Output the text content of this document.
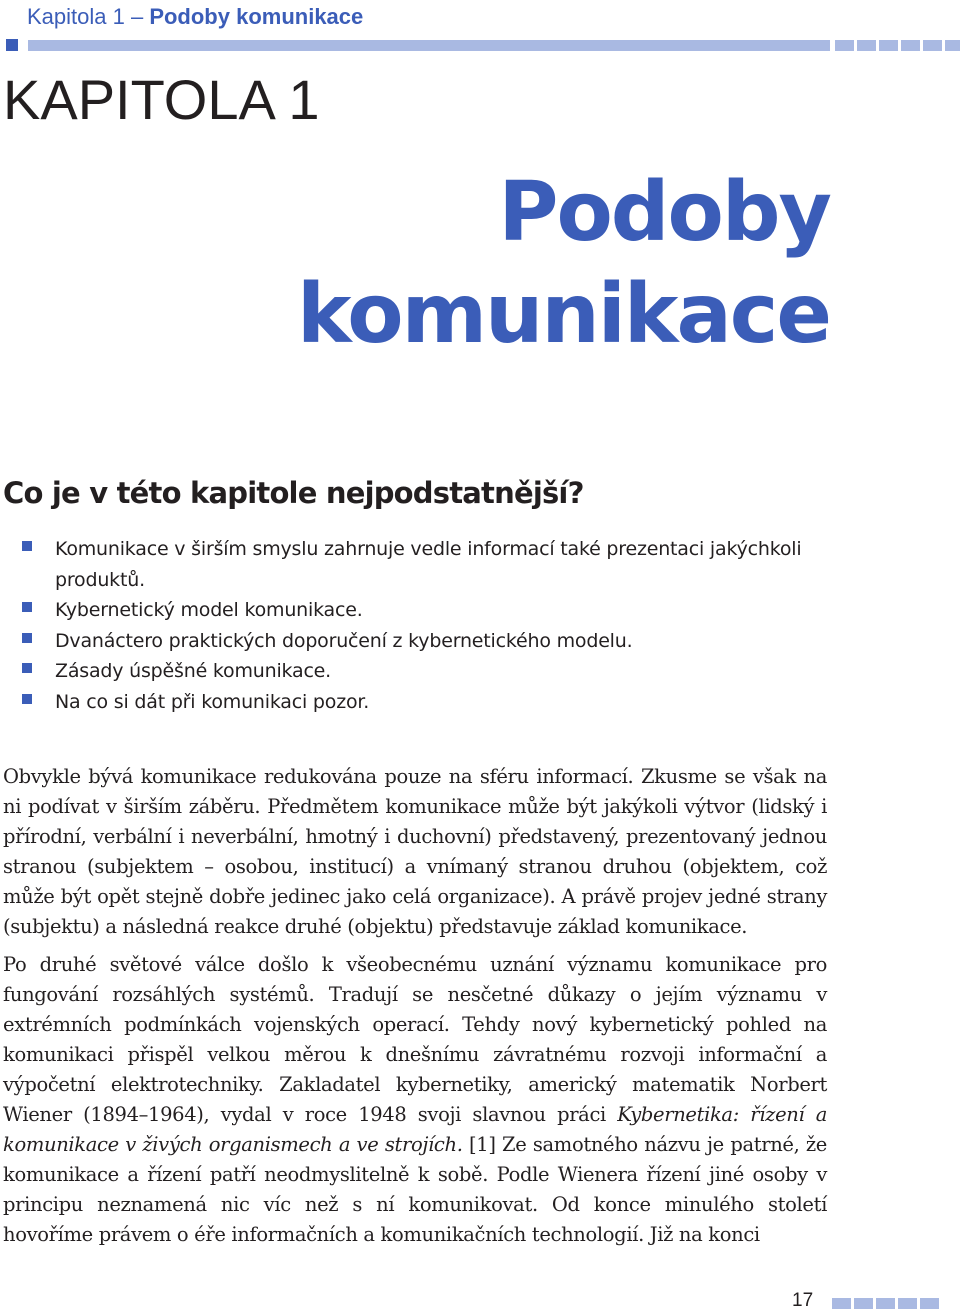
Kapitola 1 – Podoby komunikace
KAPITOLA 1
Podoby
komunikace
Co je v této kapitole nejpodstatnější?
Komunikace v širším smyslu zahrnuje vedle informací také prezentaci jakýchkoli produktů.
Kybernetický model komunikace.
Dvanáctero praktických doporučení z kybernetického modelu.
Zásady úspěšné komunikace.
Na co si dát při komunikaci pozor.

Obvykle bývá komunikace redukována pouze na sféru informací. Zkusme se však na ni podívat v širším záběru. Předmětem komunikace může být jakýkoli výtvor (lidský i přírodní, verbální i neverbální, hmotný i duchovní) představený, prezentovaný jednou stranou (subjektem – osobou, institucí) a vnímaný stranou druhou (objektem, což může být opět stejně dobře jedinec jako celá organizace). A právě projev jedné strany (subjektu) a následná reakce druhé (objektu) představuje základ komunikace.

Po druhé světové válce došlo k všeobecnému uznání významu komunikace pro fungování rozsáhlých systémů. Tradují se nesčetné důkazy o jejím významu v extrémních podmínkách vojenských operací. Tehdy nový kybernetický pohled na komunikaci přispěl velkou měrou k dnešnímu závratnému rozvoji informační a výpočetní elektrotechniky. Zakladatel kybernetiky, americký matematik Norbert Wiener (1894–1964), vydal v roce 1948 svoji slavnou práci Kybernetika: řízení a komunikace v živých organismech a ve strojích. [1] Ze samotného názvu je patrné, že komunikace a řízení patří neodmyslitelně k sobě. Podle Wienera řízení jiné osoby v principu neznamená nic víc než s ní komunikovat. Od konce minulého století hovoříme právem o éře informačních a komunikačních technologií. Již na konci

17
